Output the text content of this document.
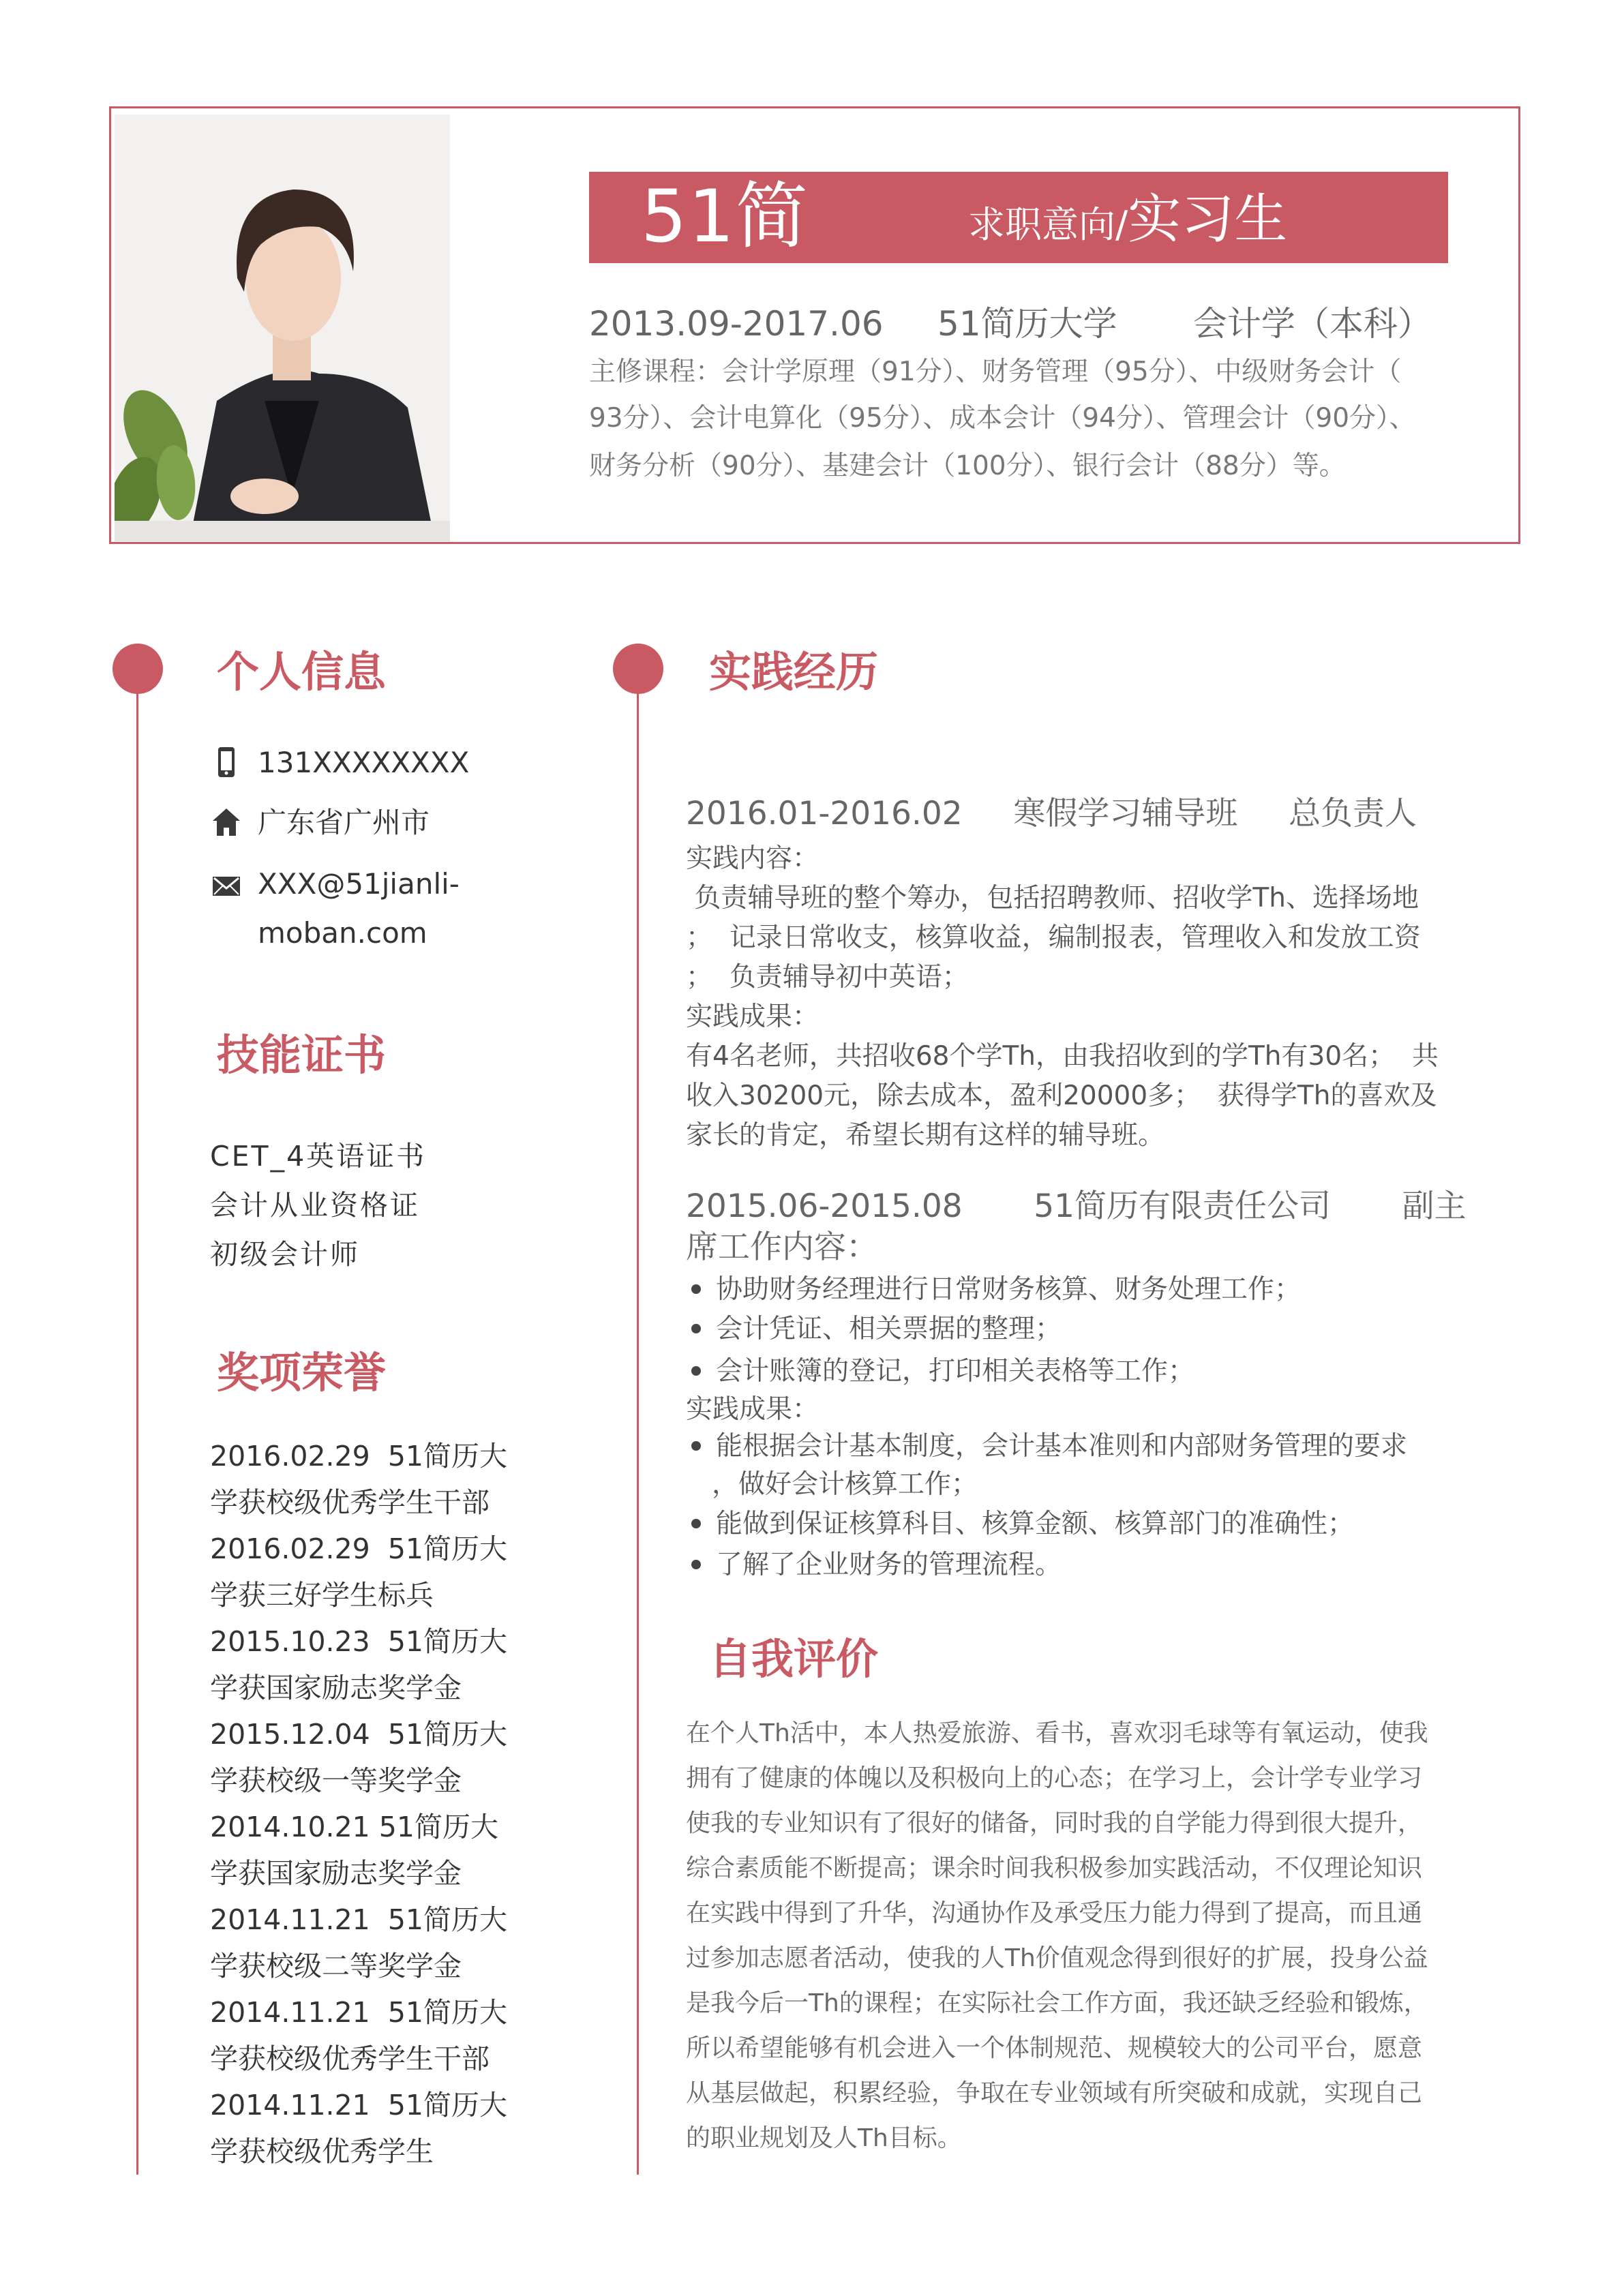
51简	求职意向/实习生
2013.09-2017.06     51简历大学       会计学（本科）
主修课程：会计学原理（91分）、财务管理（95分）、中级财务会计（
93分）、会计电算化（95分）、成本会计（94分）、管理会计（90分）、
财务分析（90分）、基建会计（100分）、银行会计（88分）等。
个人信息
131XXXXXXXX
广东省广州市
XXX@51jianli-
moban.com
技能证书
CET_4英语证书
会计从业资格证
初级会计师
奖项荣誉
2016.02.29  51简历大
学获校级优秀学生干部
2016.02.29  51简历大
学获三好学生标兵
2015.10.23  51简历大
学获国家励志奖学金
2015.12.04  51简历大
学获校级一等奖学金
2014.10.21 51简历大
学获国家励志奖学金
2014.11.21  51简历大
学获校级二等奖学金
2014.11.21  51简历大
学获校级优秀学生干部
2014.11.21  51简历大
学获校级优秀学生
实践经历
2016.01-2016.02     寒假学习辅导班     总负责人
实践内容：
负责辅导班的整个筹办，包括招聘教师、招收学Th、选择场地
；  记录日常收支，核算收益，编制报表，管理收入和发放工资
；  负责辅导初中英语；
实践成果：
有4名老师，共招收68个学Th，由我招收到的学Th有30名；  共
收入30200元，除去成本，盈利20000多；  获得学Th的喜欢及
家长的肯定，希望长期有这样的辅导班。
2015.06-2015.08       51简历有限责任公司       副主
席工作内容：
协助财务经理进行日常财务核算、财务处理工作；
会计凭证、相关票据的整理；
会计账簿的登记，打印相关表格等工作；
实践成果：
能根据会计基本制度，会计基本准则和内部财务管理的要求
，做好会计核算工作；
能做到保证核算科目、核算金额、核算部门的准确性；
了解了企业财务的管理流程。
自我评价
在个人Th活中，本人热爱旅游、看书，喜欢羽毛球等有氧运动，使我
拥有了健康的体魄以及积极向上的心态；在学习上，会计学专业学习
使我的专业知识有了很好的储备，同时我的自学能力得到很大提升，
综合素质能不断提高；课余时间我积极参加实践活动，不仅理论知识
在实践中得到了升华，沟通协作及承受压力能力得到了提高，而且通
过参加志愿者活动，使我的人Th价值观念得到很好的扩展，投身公益
是我今后一Th的课程；在实际社会工作方面，我还缺乏经验和锻炼，
所以希望能够有机会进入一个体制规范、规模较大的公司平台，愿意
从基层做起，积累经验，争取在专业领域有所突破和成就，实现自己
的职业规划及人Th目标。
